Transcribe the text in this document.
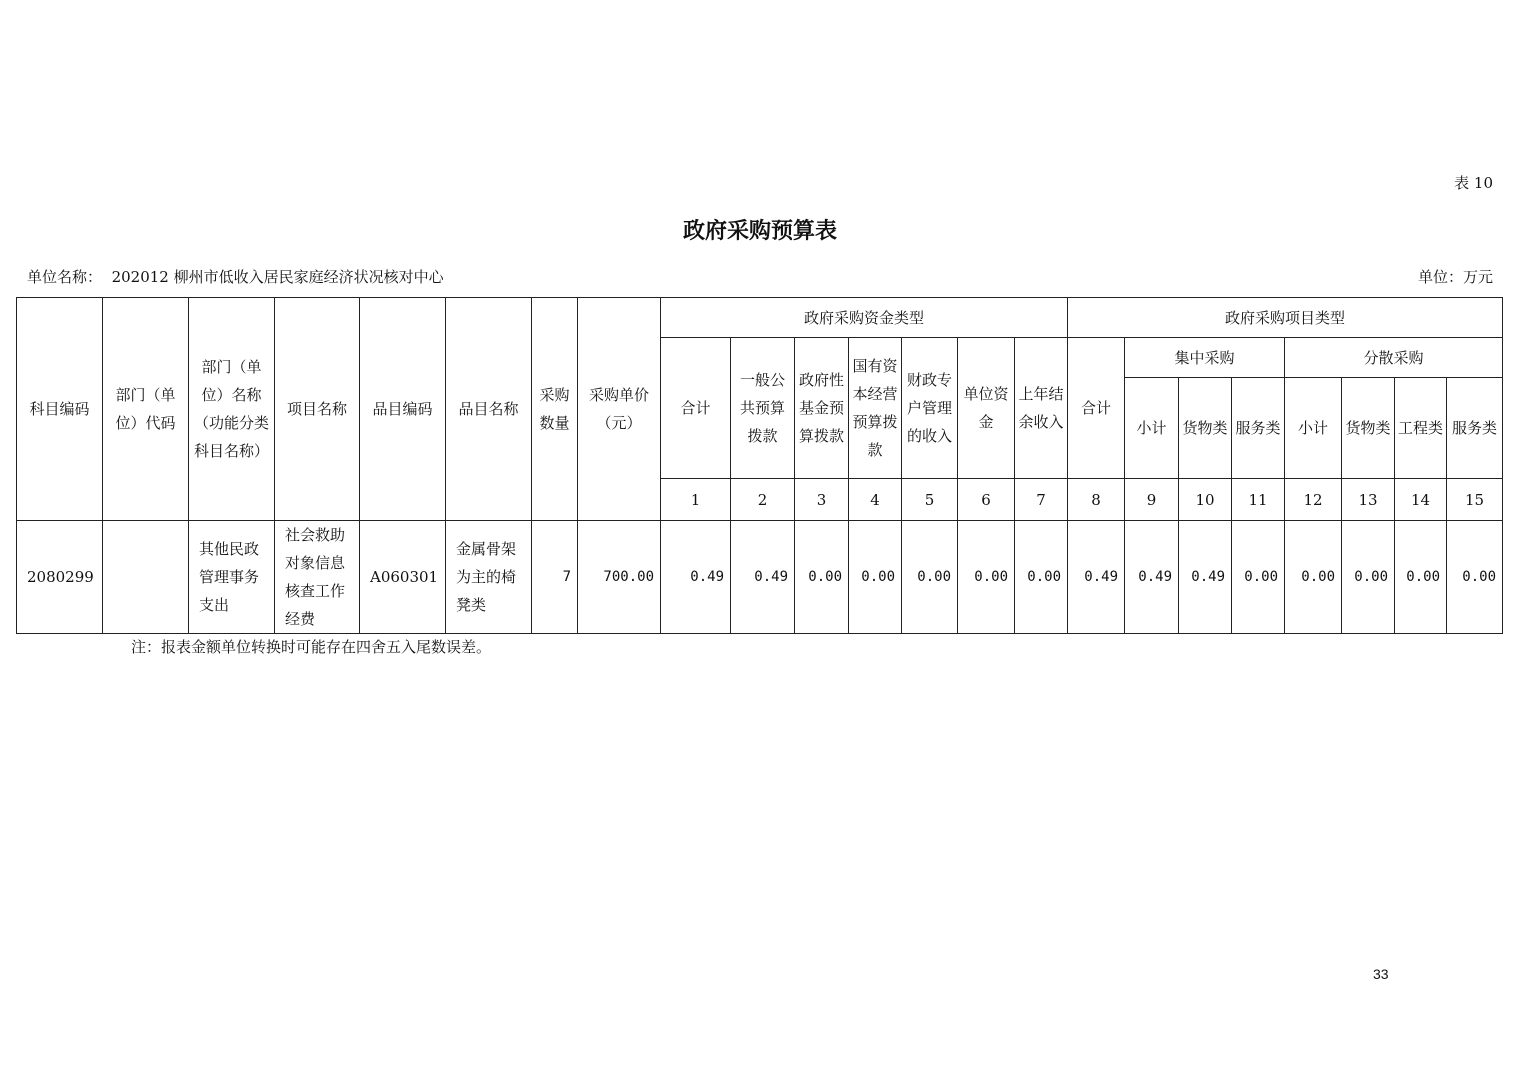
表 10
政府采购预算表
单位名称： 202012 柳州市低收入居民家庭经济状况核对中心	单位：万元
科目编码	部门（单位）代码	部门（单位）名称（功能分类科目名称）	项目名称	品目编码	品目名称	采购数量	采购单价（元）	政府采购资金类型							政府采购项目类型							
								合计	一般公共预算拨款	政府性基金预算拨款	国有资本经营预算拨款	财政专户管理的收入	单位资金	上年结余收入	合计	集中采购			分散采购			
																小计	货物类	服务类	小计	货物类	工程类	服务类

								1	2	3	4	5	6	7	8	9	10	11	12	13	14	15
2080299		其他民政管理事务支出	社会救助对象信息核查工作经费	A060301	金属骨架为主的椅凳类	7	700.00	0.49	0.49	0.00	0.00	0.00	0.00	0.00	0.49	0.49	0.49	0.00	0.00	0.00	0.00	0.00
注：报表金额单位转换时可能存在四舍五入尾数误差。
33
